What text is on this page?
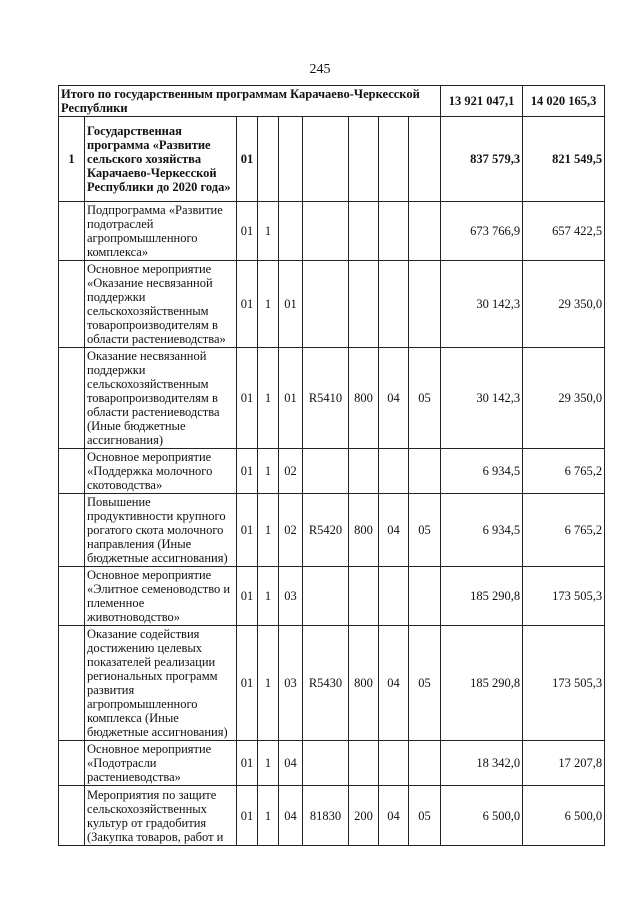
245
Итого по государственным программам Карачаево-Черкесской Республики									13 921 047,1	14 020 165,3
1	Государственная программа «Развитие сельского хозяйства Карачаево-Черкесской Республики до 2020 года»	01							837 579,3	821 549,5
	Подпрограмма «Развитие подотраслей агропромышленного комплекса»	01	1						673 766,9	657 422,5
	Основное мероприятие «Оказание несвязанной поддержки сельскохозяйственным товаропроизводителям в области растениеводства»	01	1	01					30 142,3	29 350,0
	Оказание несвязанной поддержки сельскохозяйственным товаропроизводителям в области растениеводства (Иные бюджетные ассигнования)	01	1	01	R5410	800	04	05	30 142,3	29 350,0
	Основное мероприятие «Поддержка молочного скотоводства»	01	1	02					6 934,5	6 765,2
	Повышение продуктивности крупного рогатого скота молочного направления (Иные бюджетные ассигнования)	01	1	02	R5420	800	04	05	6 934,5	6 765,2
	Основное мероприятие «Элитное семеноводство и племенное животноводство»	01	1	03					185 290,8	173 505,3
	Оказание содействия достижению целевых показателей реализации региональных программ развития агропромышленного комплекса (Иные бюджетные ассигнования)	01	1	03	R5430	800	04	05	185 290,8	173 505,3
	Основное мероприятие «Подотрасли растениеводства»	01	1	04					18 342,0	17 207,8
	Мероприятия по защите сельскохозяйственных культур от градобития (Закупка товаров, работ и	01	1	04	81830	200	04	05	6 500,0	6 500,0
